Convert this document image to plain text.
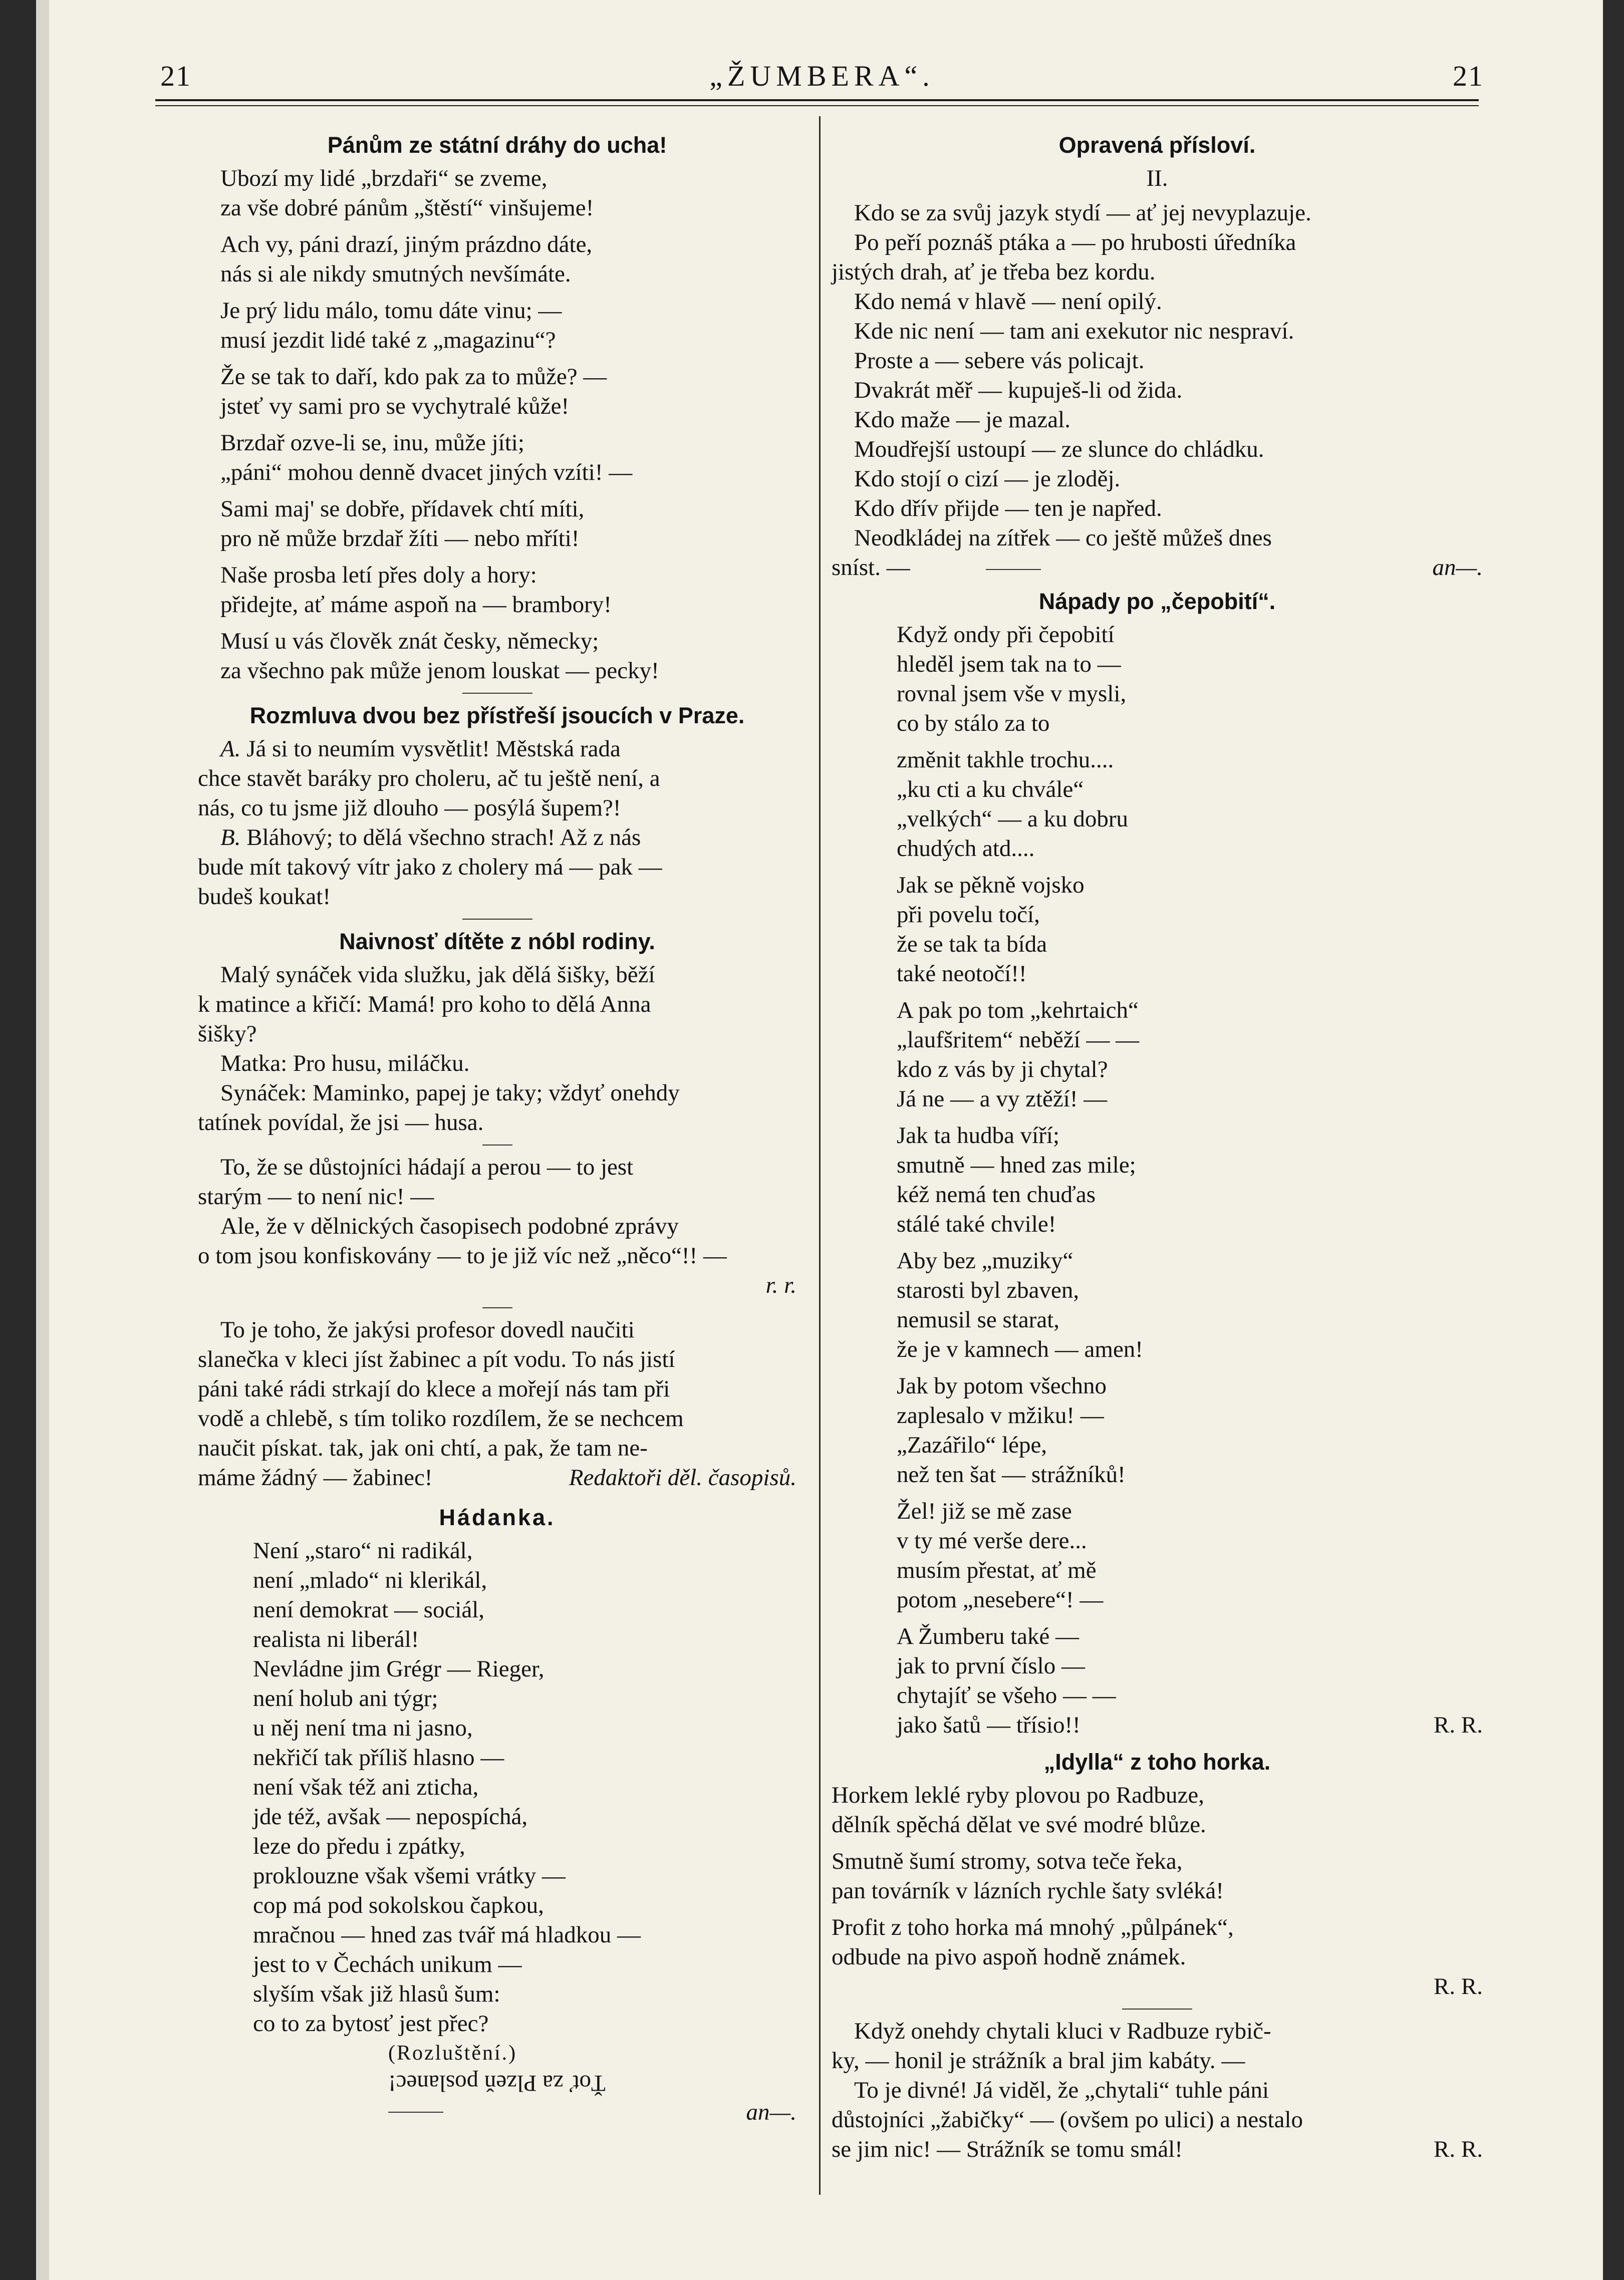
21	„ŽUMBERA“.	21
Pánům ze státní dráhy do ucha!
Ubozí my lidé „brzdaři“ se zveme,
za vše dobré pánům „štěstí“ vinšujeme!
Ach vy, páni drazí, jiným prázdno dáte,
nás si ale nikdy smutných nevšímáte.
Je prý lidu málo, tomu dáte vinu; —
musí jezdit lidé také z „magazinu“?
Že se tak to daří, kdo pak za to může? —
jsteť vy sami pro se vychytralé kůže!
Brzdař ozve-li se, inu, může jíti;
„páni“ mohou denně dvacet jiných vzíti! —
Sami maj' se dobře, přídavek chtí míti,
pro ně může brzdař žíti — nebo mříti!
Naše prosba letí přes doly a hory:
přidejte, ať máme aspoň na — brambory!
Musí u vás člověk znát česky, německy;
za všechno pak může jenom louskat — pecky!
Rozmluva dvou bez přístřeší jsoucích v Praze.
A. Já si to neumím vysvětlit! Městská rada
chce stavět baráky pro choleru, ač tu ještě není, a
nás, co tu jsme již dlouho — posýlá šupem?!
B. Bláhový; to dělá všechno strach! Až z nás
bude mít takový vítr jako z cholery má — pak —
budeš koukat!
Naivnosť dítěte z nóbl rodiny.
Malý synáček vida služku, jak dělá šišky, běží
k matince a křičí: Mamá! pro koho to dělá Anna
šišky?
Matka: Pro husu, miláčku.
Synáček: Maminko, papej je taky; vždyť onehdy
tatínek povídal, že jsi — husa.
To, že se důstojníci hádají a perou — to jest
starým — to není nic! —
Ale, že v dělnických časopisech podobné zprávy
o tom jsou konfiskovány — to je již víc než „něco“!! —
r. r.
To je toho, že jakýsi profesor dovedl naučiti
slanečka v kleci jíst žabinec a pít vodu. To nás jistí
páni také rádi strkají do klece a mořejí nás tam při
vodě a chlebě, s tím toliko rozdílem, že se nechcem
naučit pískat. tak, jak oni chtí, a pak, že tam ne-
máme žádný — žabinec!	Redaktoři děl. časopisů.
Hádanka.
Není „staro“ ni radikál,
není „mlado“ ni klerikál,
není demokrat — sociál,
realista ni liberál!
Nevládne jim Grégr — Rieger,
není holub ani týgr;
u něj není tma ni jasno,
nekřičí tak příliš hlasno —
není však též ani zticha,
jde též, avšak — nepospíchá,
leze do předu i zpátky,
proklouzne však všemi vrátky —
cop má pod sokolskou čapkou,
mračnou — hned zas tvář má hladkou —
jest to v Čechách unikum —
slyším však již hlasů šum:
co to za bytosť jest přec?
(Rozluštění.)
Ťoť za Plzeň poslanec!
an—.
Opravená přísloví.
II.
Kdo se za svůj jazyk stydí — ať jej nevyplazuje.
Po peří poznáš ptáka a — po hrubosti úředníka
jistých drah, ať je třeba bez kordu.
Kdo nemá v hlavě — není opilý.
Kde nic není — tam ani exekutor nic nespraví.
Proste a — sebere vás policajt.
Dvakrát měř — kupuješ-li od žida.
Kdo maže — je mazal.
Moudřejší ustoupí — ze slunce do chládku.
Kdo stojí o cizí — je zloděj.
Kdo dřív přijde — ten je napřed.
Neodkládej na zítřek — co ještě můžeš dnes
sníst. —	an—.
Nápady po „čepobití“.
Když ondy při čepobití
hleděl jsem tak na to —
rovnal jsem vše v mysli,
co by stálo za to
změnit takhle trochu....
„ku cti a ku chvále“
„velkých“ — a ku dobru
chudých atd....
Jak se pěkně vojsko
při povelu točí,
že se tak ta bída
také neotočí!!
A pak po tom „kehrtaich“
„laufšritem“ neběží — —
kdo z vás by ji chytal?
Já ne — a vy ztěží! —
Jak ta hudba víří;
smutně — hned zas mile;
kéž nemá ten chuďas
stálé také chvile!
Aby bez „muziky“
starosti byl zbaven,
nemusil se starat,
že je v kamnech — amen!
Jak by potom všechno
zaplesalo v mžiku! —
„Zazářilo“ lépe,
než ten šat — strážníků!
Žel! již se mě zase
v ty mé verše dere...
musím přestat, ať mě
potom „nesebere“! —
A Žumberu také —
jak to první číslo —
chytajíť se všeho — —
jako šatů — třísio!!	R. R.
„Idylla“ z toho horka.
Horkem leklé ryby plovou po Radbuze,
dělník spěchá dělat ve své modré blůze.
Smutně šumí stromy, sotva teče řeka,
pan továrník v lázních rychle šaty svléká!
Profit z toho horka má mnohý „půlpánek“,
odbude na pivo aspoň hodně známek.
R. R.
Když onehdy chytali kluci v Radbuze rybič-
ky, — honil je strážník a bral jim kabáty. —
To je divné! Já viděl, že „chytali“ tuhle páni
důstojníci „žabičky“ — (ovšem po ulici) a nestalo
se jim nic! — Strážník se tomu smál!	R. R.
